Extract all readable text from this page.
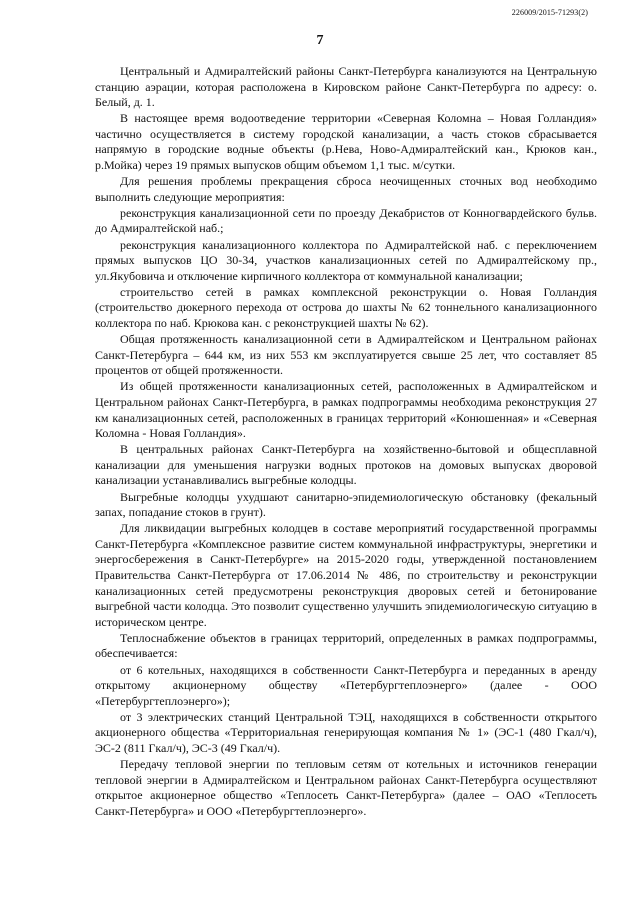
226009/2015-71293(2)
7

Центральный и Адмиралтейский районы Санкт-Петербурга канализуются на Центральную станцию аэрации, которая расположена в Кировском районе Санкт-Петербурга по адресу: о. Белый, д. 1.

В настоящее время водоотведение территории «Северная Коломна – Новая Голландия» частично осуществляется в систему городской канализации, а часть стоков сбрасывается напрямую в городские водные объекты (р.Нева, Ново-Адмиралтейский кан., Крюков кан., р.Мойка) через 19 прямых выпусков общим объемом 1,1 тыс. м/сутки.

Для решения проблемы прекращения сброса неочищенных сточных вод необходимо выполнить следующие мероприятия:

реконструкция канализационной сети по проезду Декабристов от Конногвардейского бульв. до Адмиралтейской наб.;

реконструкция канализационного коллектора по Адмиралтейской наб. с переключением прямых выпусков ЦО 30-34, участков канализационных сетей по Адмиралтейскому пр., ул.Якубовича и отключение кирпичного коллектора от коммунальной канализации;

строительство сетей в рамках комплексной реконструкции о. Новая Голландия (строительство дюкерного перехода от острова до шахты № 62 тоннельного канализационного коллектора по наб. Крюкова кан. с реконструкцией шахты № 62).

Общая протяженность канализационной сети в Адмиралтейском и Центральном районах Санкт-Петербурга – 644 км, из них 553 км эксплуатируется свыше 25 лет, что составляет 85 процентов от общей протяженности.

Из общей протяженности канализационных сетей, расположенных в Адмиралтейском и Центральном районах Санкт-Петербурга, в рамках подпрограммы необходима реконструкция 27 км канализационных сетей, расположенных в границах территорий «Конюшенная» и «Северная Коломна - Новая Голландия».

В центральных районах Санкт-Петербурга на хозяйственно-бытовой и общесплавной канализации для уменьшения нагрузки водных протоков на домовых выпусках дворовой канализации устанавливались выгребные колодцы.

Выгребные колодцы ухудшают санитарно-эпидемиологическую обстановку (фекальный запах, попадание стоков в грунт).

Для ликвидации выгребных колодцев в составе мероприятий государственной программы Санкт-Петербурга «Комплексное развитие систем коммунальной инфраструктуры, энергетики и энергосбережения в Санкт-Петербурге» на 2015-2020 годы, утвержденной постановлением Правительства Санкт-Петербурга от 17.06.2014 № 486, по строительству и реконструкции канализационных сетей предусмотрены реконструкция дворовых сетей и бетонирование выгребной части колодца. Это позволит существенно улучшить эпидемиологическую ситуацию в историческом центре.

Теплоснабжение объектов в границах территорий, определенных в рамках подпрограммы, обеспечивается:

от 6 котельных, находящихся в собственности Санкт-Петербурга и переданных в аренду открытому акционерному обществу «Петербургтеплоэнерго» (далее - ООО «Петербургтеплоэнерго»);

от 3 электрических станций Центральной ТЭЦ, находящихся в собственности открытого акционерного общества «Территориальная генерирующая компания № 1» (ЭС-1 (480 Гкал/ч), ЭС-2 (811 Гкал/ч), ЭС-3 (49 Гкал/ч).

Передачу тепловой энергии по тепловым сетям от котельных и источников генерации тепловой энергии в Адмиралтейском и Центральном районах Санкт-Петербурга осуществляют открытое акционерное общество «Теплосеть Санкт-Петербурга» (далее – ОАО «Теплосеть Санкт-Петербурга» и ООО «Петербургтеплоэнерго».
